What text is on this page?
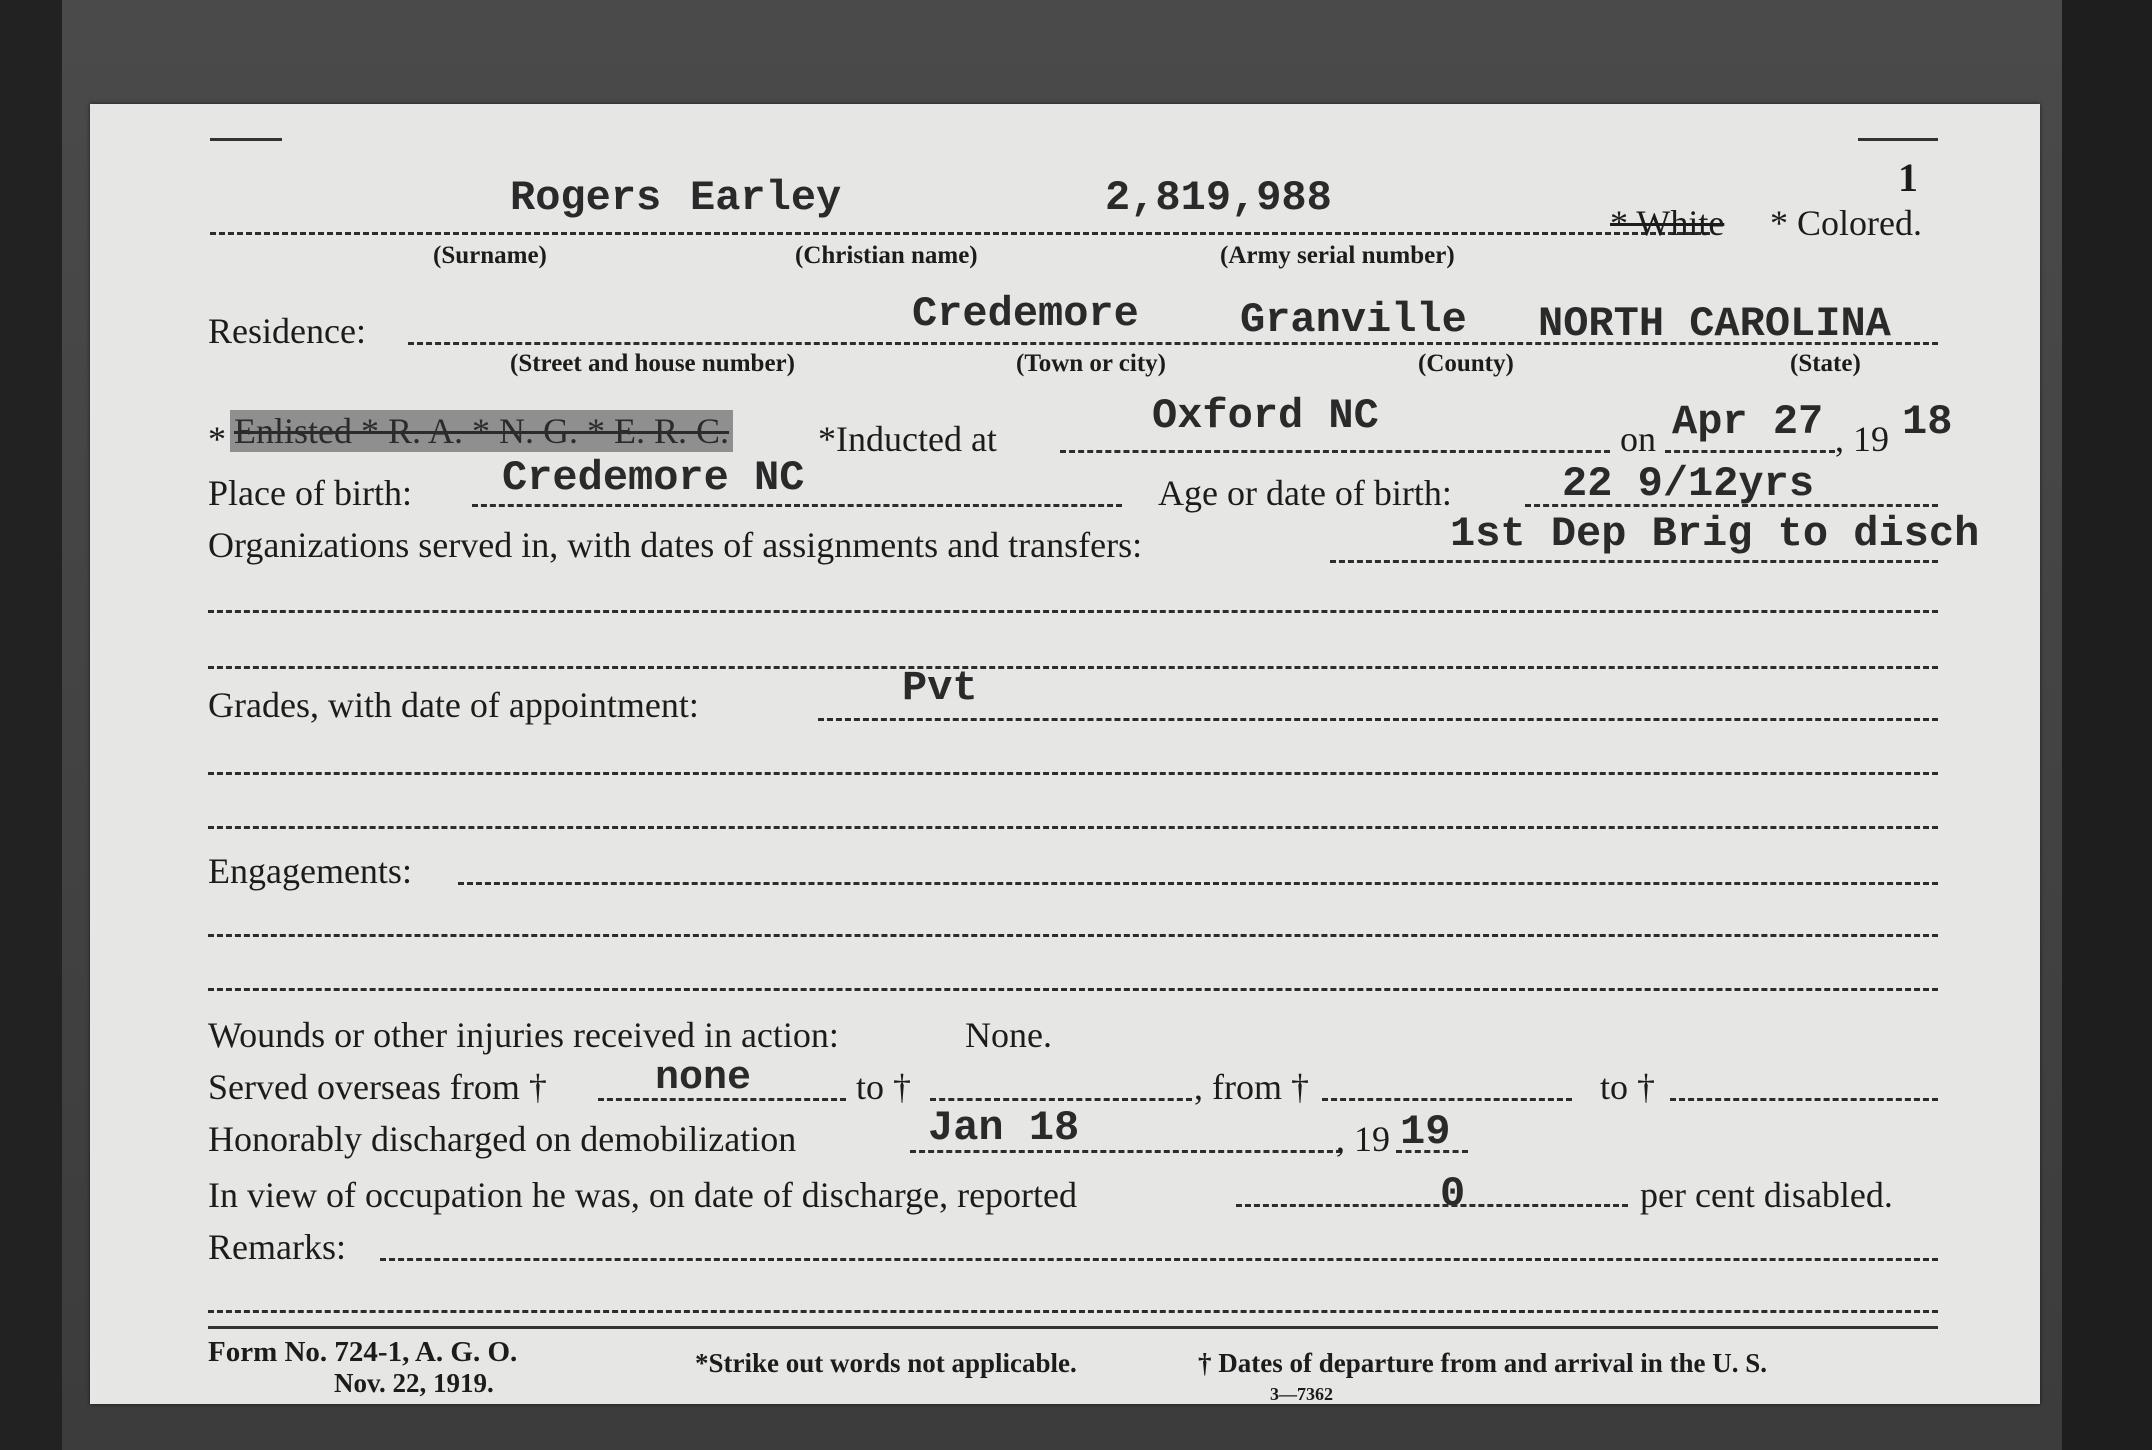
1
Rogers Earley	2,819,988
* White * Colored.
(Surname)	(Christian name)	(Army serial number)
Residence:	Credemore Granville NORTH CAROLINA
(Street and house number)	(Town or city)	(County)	(State)
* Enlisted * R. A. * N. G. * E. R. C. *Inducted at	Oxford NC	on Apr 27 , 19 18
Place of birth: Credemore NC	Age or date of birth:	22 9/12yrs
Organizations served in, with dates of assignments and transfers:	1st Dep Brig to disch
Grades, with date of appointment:	Pvt
Engagements:
Wounds or other injuries received in action:	None.
Served overseas from †	none	to †	, from †	to †
Honorably discharged on demobilization	Jan 18	, 19 19
In view of occupation he was, on date of discharge, reported	0	per cent disabled.
Remarks:
Form No. 724-1, A. G. O.
Nov. 22, 1919.
*Strike out words not applicable.	† Dates of departure from and arrival in the U. S.
3—7362
